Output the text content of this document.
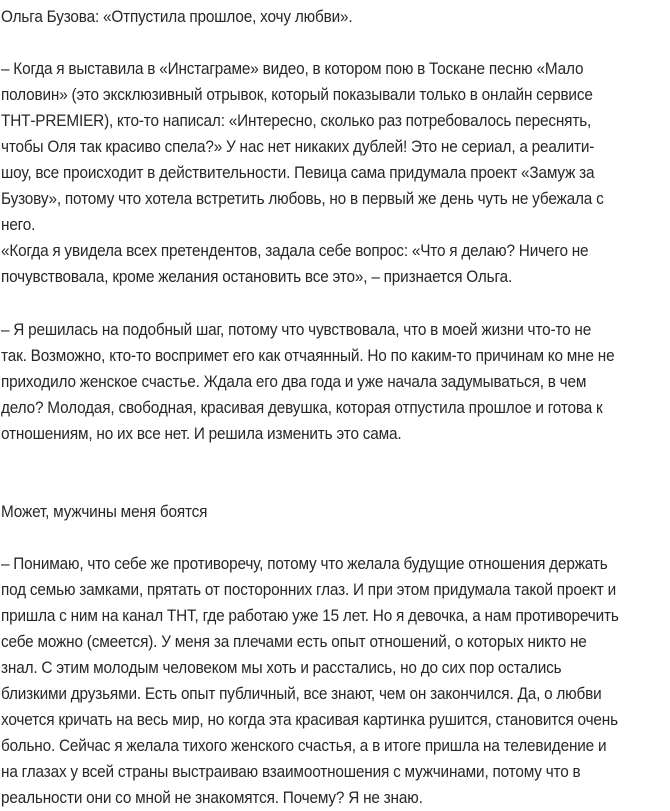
Ольга Бузова: «Отпустила прошлое, хочу любви».

– Когда я выставила в «Инстаграме» видео, в котором пою в Тоскане песню «Мало половин» (это эксклюзивный отрывок, который показывали только в онлайн сервисе ТНТ-PREMIER), кто-то написал: «Интересно, сколько раз потребовалось переснять, чтобы Оля так красиво спела?» У нас нет никаких дублей! Это не сериал, а реалити-шоу, все происходит в действительности. Певица сама придумала проект «Замуж за Бузову», потому что хотела встретить любовь, но в первый же день чуть не убежала с него.
«Когда я увидела всех претендентов, задала себе вопрос: «Что я делаю? Ничего не почувствовала, кроме желания остановить все это», – признается Ольга.

– Я решилась на подобный шаг, потому что чувствовала, что в моей жизни что-то не так. Возможно, кто-то воспримет его как отчаянный. Но по каким-то причинам ко мне не приходило женское счастье. Ждала его два года и уже начала задумываться, в чем дело? Молодая, свободная, красивая девушка, которая отпустила прошлое и готова к отношениям, но их все нет. И решила изменить это сама.

Может, мужчины меня боятся

– Понимаю, что себе же противоречу, потому что желала будущие отношения держать под семью замками, прятать от посторонних глаз. И при этом придумала такой проект и пришла с ним на канал ТНТ, где работаю уже 15 лет. Но я девочка, а нам противоречить себе можно (смеется). У меня за плечами есть опыт отношений, о которых никто не знал. С этим молодым человеком мы хоть и расстались, но до сих пор остались близкими друзьями. Есть опыт публичный, все знают, чем он закончился. Да, о любви хочется кричать на весь мир, но когда эта красивая картинка рушится, становится очень больно. Сейчас я желала тихого женского счастья, а в итоге пришла на телевидение и на глазах у всей страны выстраиваю взаимоотношения с мужчинами, потому что в реальности они со мной не знакомятся. Почему? Я не знаю.
